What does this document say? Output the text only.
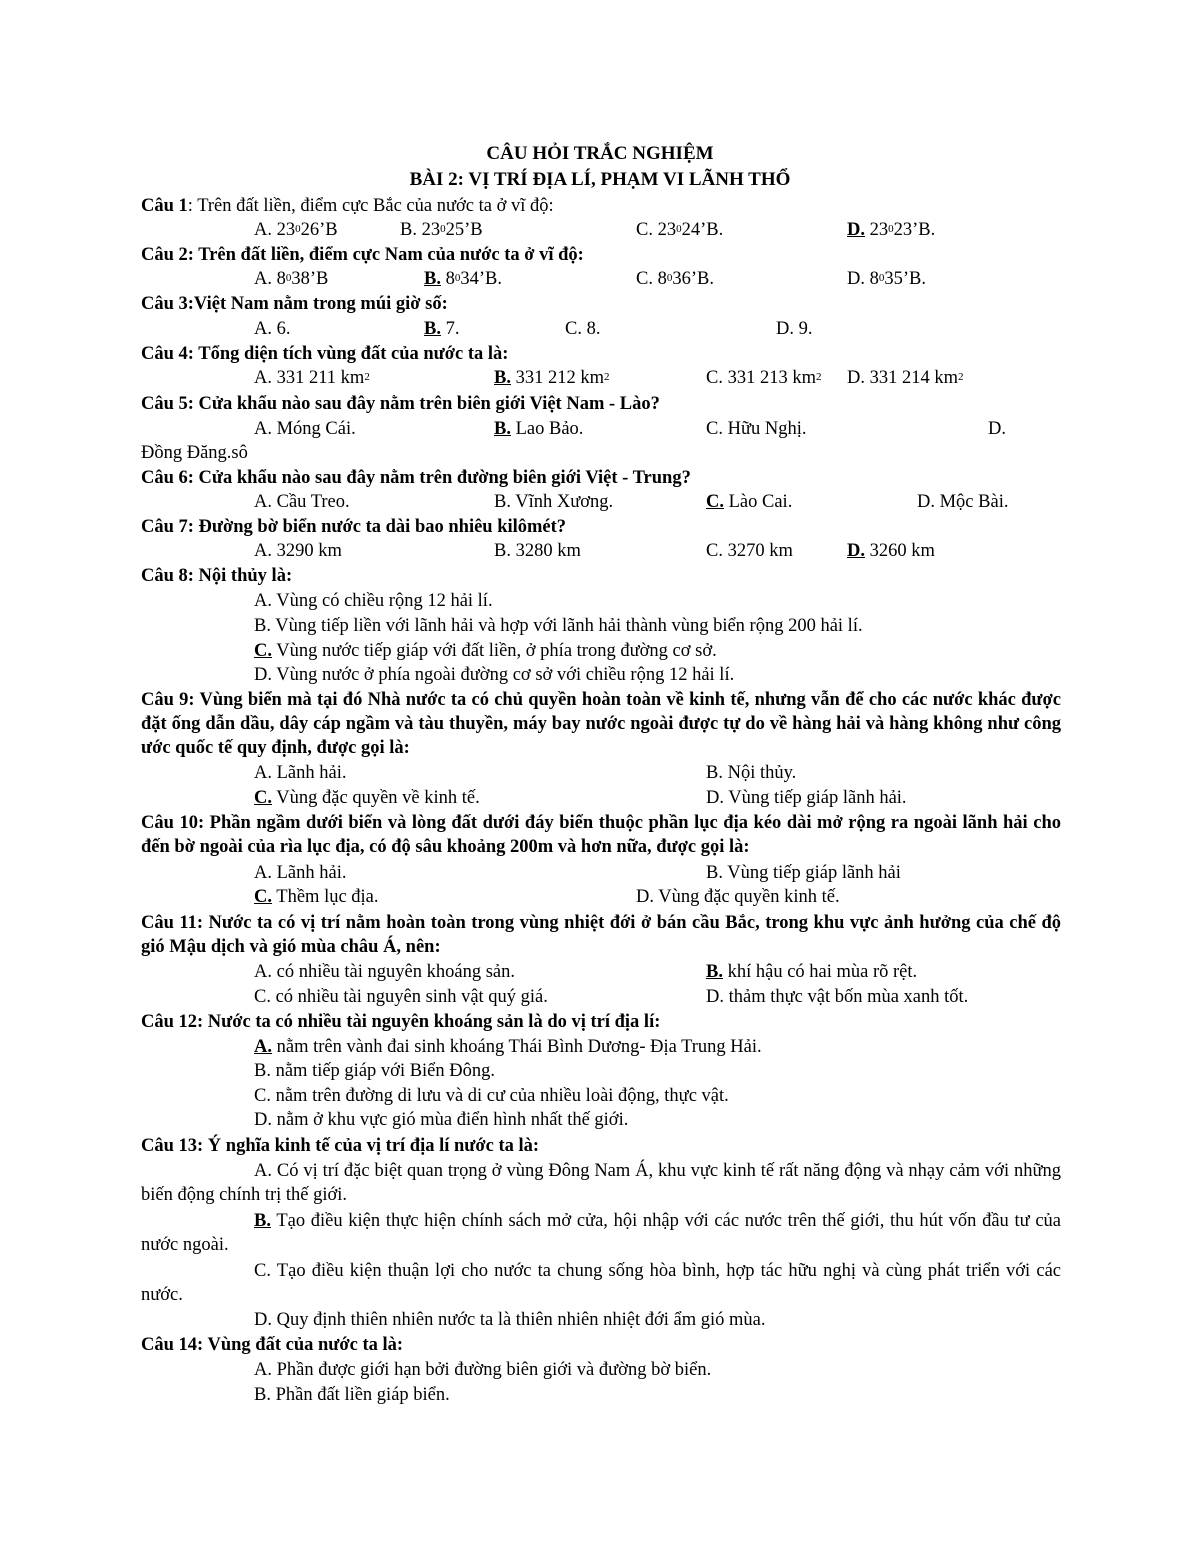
CÂU HỎI TRẮC NGHIỆM
BÀI 2: VỊ TRÍ ĐỊA LÍ, PHẠM VI LÃNH THỔ
Câu 1: Trên đất liền, điểm cực Bắc của nước ta ở vĩ độ:
A. $23^026’B$	B. $23^025’B$	C. $23^024’B$.	D. $23^023’B$.
Câu 2: Trên đất liền, điểm cực Nam của nước ta ở vĩ độ:
A. $8^038’B$	B. $8^034’B$.	C. $8^036’B$.	D. $8^035’B$.
Câu 3:Việt Nam nằm trong múi giờ số:
A. 6.	B. 7.	C. 8.	D. 9.
Câu 4: Tổng diện tích vùng đất của nước ta là:
A. 331 211 $km^2$	B. 331 212 $km^2$	C. 331 213 $km^2$ D. 331 214 $km^2$
Câu 5: Cửa khẩu nào sau đây nằm trên biên giới Việt Nam - Lào?
A. Móng Cái.	B. Lao Bảo.	C. Hữu Nghị.	D.
Đồng Đăng.sô
Câu 6: Cửa khẩu nào sau đây nằm trên đường biên giới Việt - Trung?
A. Cầu Treo.	B. Vĩnh Xương.	C. Lào Cai.	D. Mộc Bài.
Câu 7: Đường bờ biển nước ta dài bao nhiêu kilômét?
A. 3290 km	B. 3280 km	C. 3270 km	D. 3260 km
Câu 8: Nội thủy là:
A. Vùng có chiều rộng 12 hải lí.
B. Vùng tiếp liền với lãnh hải và hợp với lãnh hải thành vùng biển rộng 200 hải lí.
C. Vùng nước tiếp giáp với đất liền, ở phía trong đường cơ sở.
D. Vùng nước ở phía ngoài đường cơ sở với chiều rộng 12 hải lí.
Câu 9: Vùng biển mà tại đó Nhà nước ta có chủ quyền hoàn toàn về kinh tế, nhưng vẫn để cho các nước khác được đặt ống dẫn dầu, dây cáp ngầm và tàu thuyền, máy bay nước ngoài được tự do về hàng hải và hàng không như công ước quốc tế quy định, được gọi là:
A. Lãnh hải.	B. Nội thủy.
C. Vùng đặc quyền về kinh tế.	D. Vùng tiếp giáp lãnh hải.
Câu 10: Phần ngầm dưới biển và lòng đất dưới đáy biển thuộc phần lục địa kéo dài mở rộng ra ngoài lãnh hải cho đến bờ ngoài của rìa lục địa, có độ sâu khoảng 200m và hơn nữa, được gọi là:
A. Lãnh hải.	B. Vùng tiếp giáp lãnh hải
C. Thềm lục địa.	D. Vùng đặc quyền kinh tế.
Câu 11: Nước ta có vị trí nằm hoàn toàn trong vùng nhiệt đới ở bán cầu Bắc, trong khu vực ảnh hưởng của chế độ gió Mậu dịch và gió mùa châu Á, nên:
A. có nhiều tài nguyên khoáng sản.	B. khí hậu có hai mùa rõ rệt.
C. có nhiều tài nguyên sinh vật quý giá.	D. thảm thực vật bốn mùa xanh tốt.
Câu 12: Nước ta có nhiều tài nguyên khoáng sản là do vị trí địa lí:
A. nằm trên vành đai sinh khoáng Thái Bình Dương- Địa Trung Hải.
B. nằm tiếp giáp với Biển Đông.
C. nằm trên đường di lưu và di cư của nhiều loài động, thực vật.
D. nằm ở khu vực gió mùa điển hình nhất thế giới.
Câu 13: Ý nghĩa kinh tế của vị trí địa lí nước ta là:
A. Có vị trí đặc biệt quan trọng ở vùng Đông Nam Á, khu vực kinh tế rất năng động và nhạy cảm với những biến động chính trị thế giới.
B. Tạo điều kiện thực hiện chính sách mở cửa, hội nhập với các nước trên thế giới, thu hút vốn đầu tư của nước ngoài.
C. Tạo điều kiện thuận lợi cho nước ta chung sống hòa bình, hợp tác hữu nghị và cùng phát triển với các nước.
D. Quy định thiên nhiên nước ta là thiên nhiên nhiệt đới ẩm gió mùa.
Câu 14: Vùng đất của nước ta là:
A. Phần được giới hạn bởi đường biên giới và đường bờ biển.
B. Phần đất liền giáp biển.
